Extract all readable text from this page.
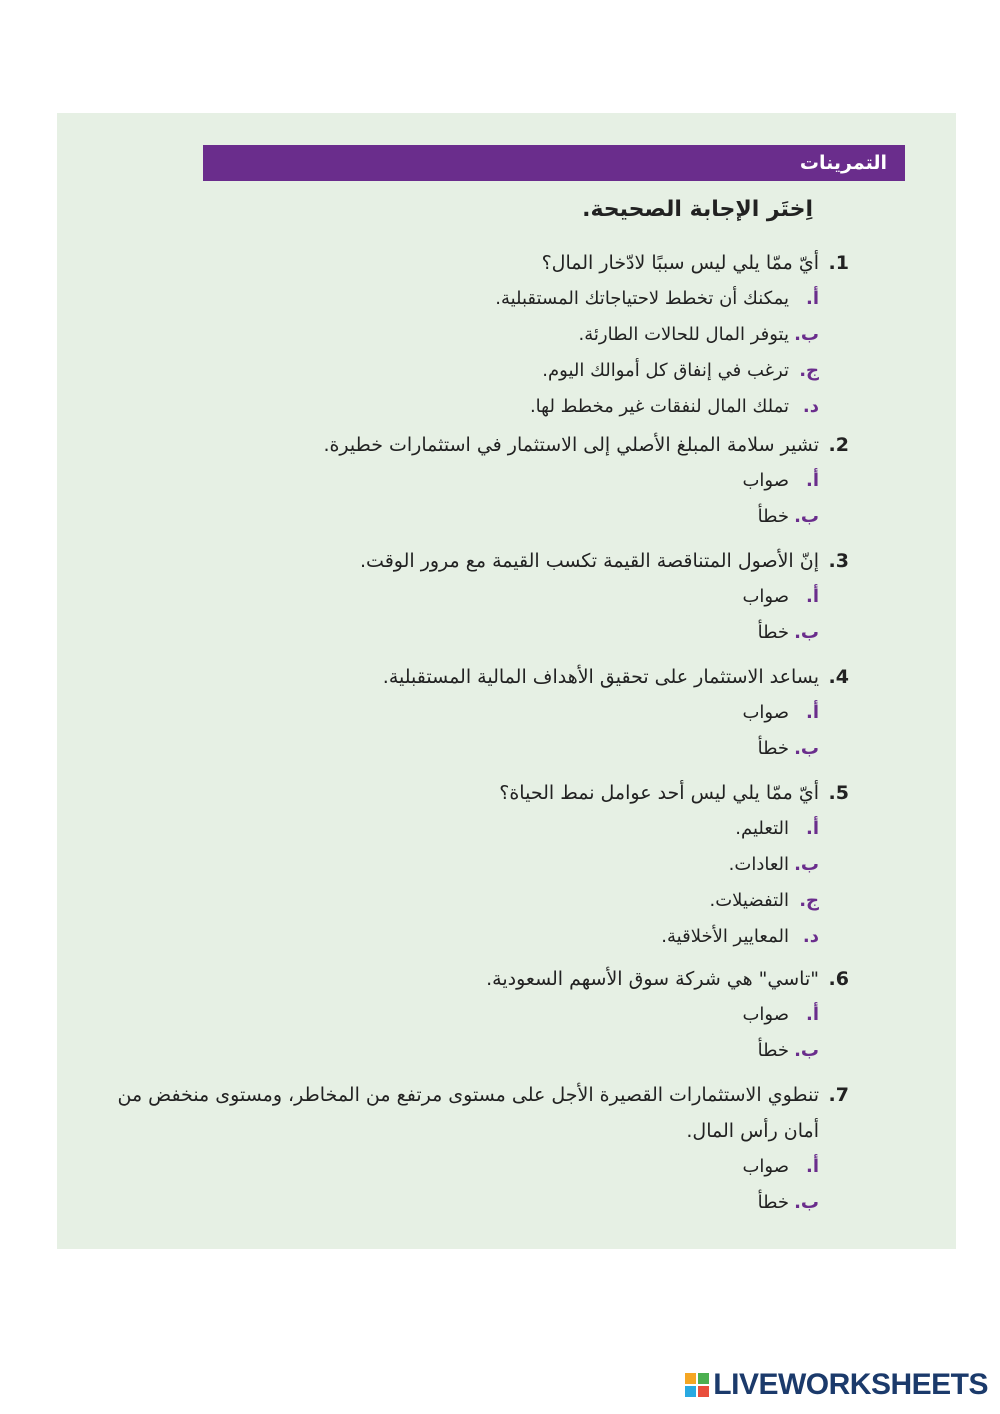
التمرينات
اِختَر الإجابة الصحيحة.
1.
أيّ ممّا يلي ليس سببًا لادّخار المال؟
أ.
يمكنك أن تخطط لاحتياجاتك المستقبلية.
ب.
يتوفر المال للحالات الطارئة.
ج.
ترغب في إنفاق كل أموالك اليوم.
د.
تملك المال لنفقات غير مخطط لها.
2.
تشير سلامة المبلغ الأصلي إلى الاستثمار في استثمارات خطيرة.
أ.
صواب
ب.
خطأ
3.
إنّ الأصول المتناقصة القيمة تكسب القيمة مع مرور الوقت.
أ.
صواب
ب.
خطأ
4.
يساعد الاستثمار على تحقيق الأهداف المالية المستقبلية.
أ.
صواب
ب.
خطأ
5.
أيّ ممّا يلي ليس أحد عوامل نمط الحياة؟
أ.
التعليم.
ب.
العادات.
ج.
التفضيلات.
د.
المعايير الأخلاقية.
6.
"تاسي" هي شركة سوق الأسهم السعودية.
أ.
صواب
ب.
خطأ
7.
تنطوي الاستثمارات القصيرة الأجل على مستوى مرتفع من المخاطر، ومستوى منخفض من أمان رأس المال.
أ.
صواب
ب.
خطأ
LIVEWORKSHEETS
